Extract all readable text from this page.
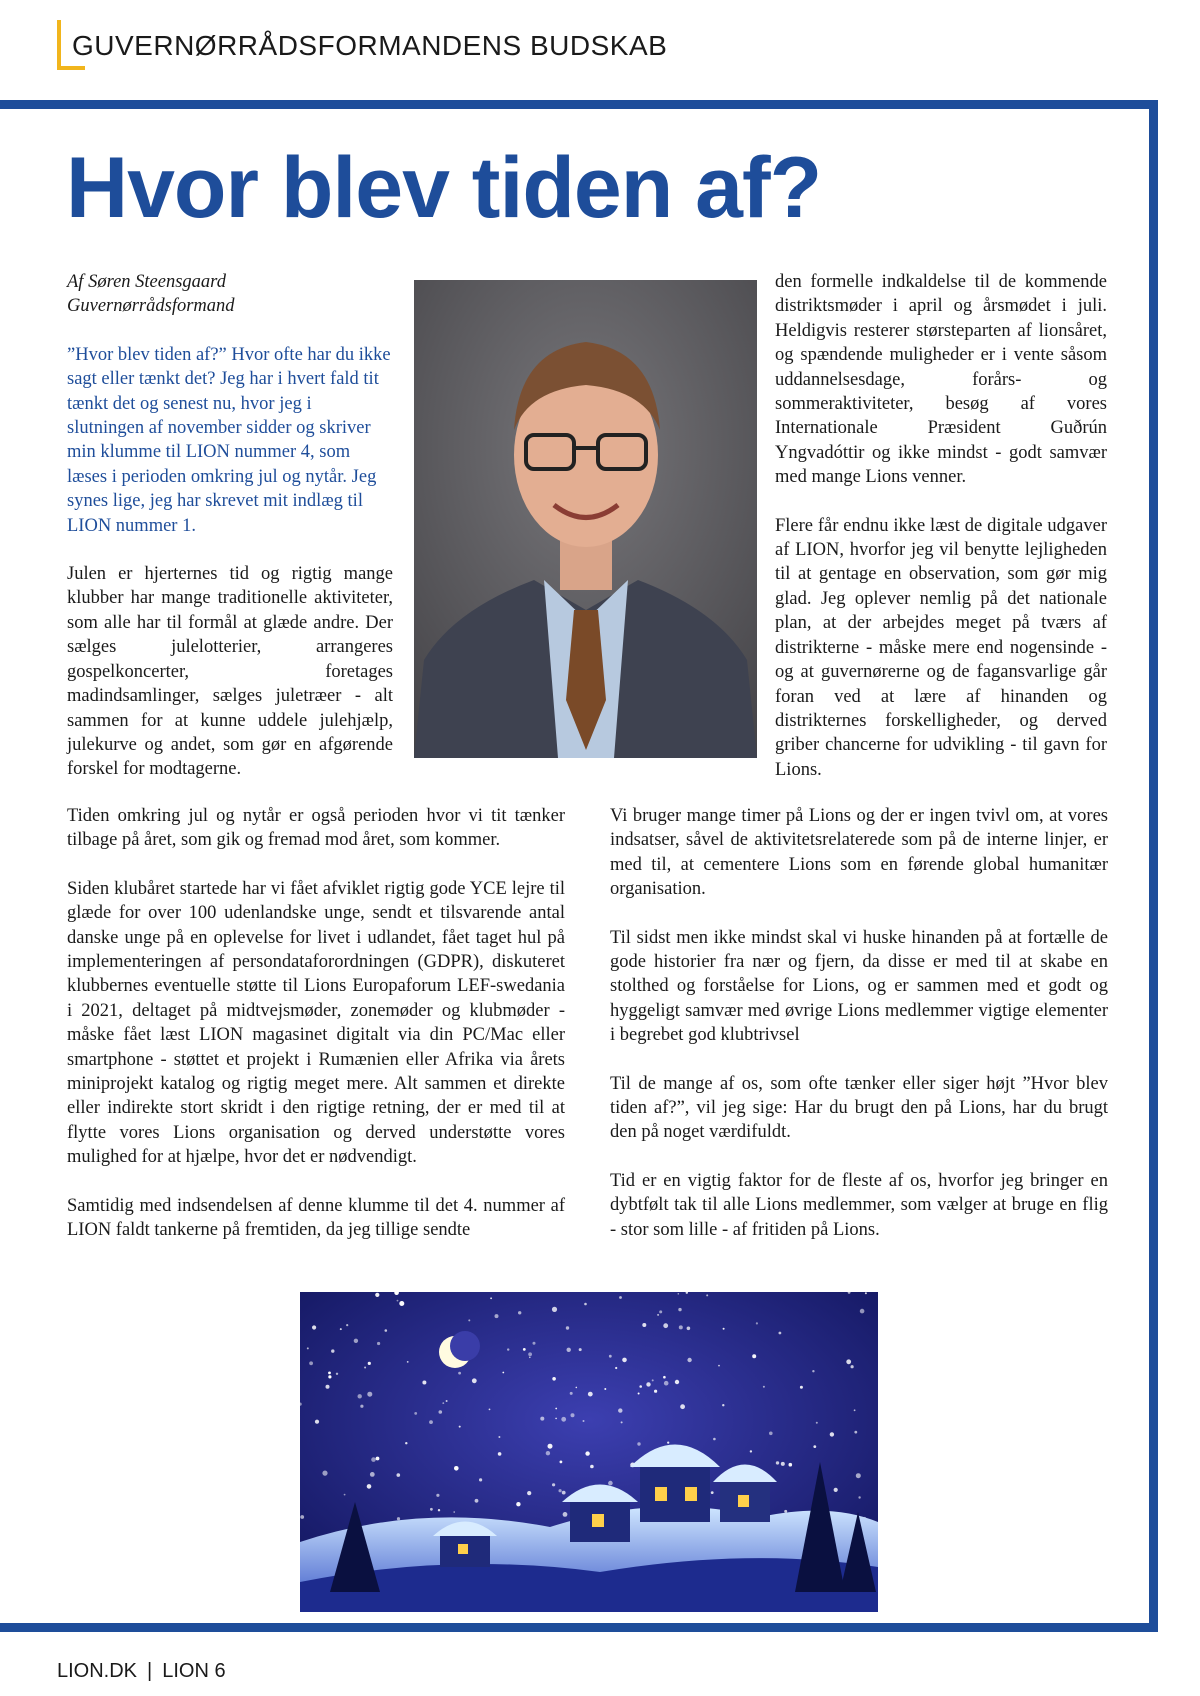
GUVERNØRRÅDSFORMANDENS BUDSKAB
Hvor blev tiden af?

Af Søren Steensgaard
Guvernørrådsformand

”Hvor blev tiden af?” Hvor ofte har du ikke sagt eller tænkt det? Jeg har i hvert fald tit tænkt det og senest nu, hvor jeg i slutningen af november sidder og skriver min klumme til LION nummer 4, som læses i perioden omkring jul og nytår. Jeg synes lige, jeg har skrevet mit indlæg til LION nummer 1.

Julen er hjerternes tid og rigtig mange klubber har mange traditionelle aktiviteter, som alle har til formål at glæde andre. Der sælges julelotterier, arrangeres gospelkoncerter, foretages madindsamlinger, sælges juletræer - alt sammen for at kunne uddele julehjælp, julekurve og andet, som gør en afgørende forskel for modtagerne.

den formelle indkaldelse til de kommende distriktsmøder i april og årsmødet i juli. Heldigvis resterer størsteparten af lionsåret, og spændende muligheder er i vente såsom uddannelsesdage, forårs- og sommeraktiviteter, besøg af vores Internationale Præsident Guðrún Yngvadóttir og ikke mindst - godt samvær med mange Lions venner.

Flere får endnu ikke læst de digitale udgaver af LION, hvorfor jeg vil benytte lejligheden til at gentage en observation, som gør mig glad. Jeg oplever nemlig på det nationale plan, at der arbejdes meget på tværs af distrikterne - måske mere end nogensinde - og at guvernørerne og de fagansvarlige går foran ved at lære af hinanden og distrikternes forskelligheder, og derved griber chancerne for udvikling - til gavn for Lions.

Tiden omkring jul og nytår er også perioden hvor vi tit tænker tilbage på året, som gik og fremad mod året, som kommer.

Siden klubåret startede har vi fået afviklet rigtig gode YCE lejre til glæde for over 100 udenlandske unge, sendt et tilsvarende antal danske unge på en oplevelse for livet i udlandet, fået taget hul på implementeringen af persondataforordningen (GDPR), diskuteret klubbernes eventuelle støtte til Lions Europaforum LEF-swedania i 2021, deltaget på midtvejsmøder, zonemøder og klubmøder - måske fået læst LION magasinet digitalt via din PC/Mac eller smartphone - støttet et projekt i Rumænien eller Afrika via årets miniprojekt katalog og rigtig meget mere. Alt sammen et direkte eller indirekte stort skridt i den rigtige retning, der er med til at flytte vores Lions organisation og derved understøtte vores mulighed for at hjælpe, hvor det er nødvendigt.

Samtidig med indsendelsen af denne klumme til det 4. nummer af LION faldt tankerne på fremtiden, da jeg tillige sendte

Vi bruger mange timer på Lions og der er ingen tvivl om, at vores indsatser, såvel de aktivitetsrelaterede som på de interne linjer, er med til, at cementere Lions som en førende global humanitær organisation.

Til sidst men ikke mindst skal vi huske hinanden på at fortælle de gode historier fra nær og fjern, da disse er med til at skabe en stolthed og forståelse for Lions, og er sammen med et godt og hyggeligt samvær med øvrige Lions medlemmer vigtige elementer i begrebet god klubtrivsel

Til de mange af os, som ofte tænker eller siger højt ”Hvor blev tiden af?”, vil jeg sige: Har du brugt den på Lions, har du brugt den på noget værdifuldt.

Tid er en vigtig faktor for de fleste af os, hvorfor jeg bringer en dybtfølt tak til alle Lions medlemmer, som vælger at bruge en flig - stor som lille - af fritiden på Lions.

LION.DK | LION 6
